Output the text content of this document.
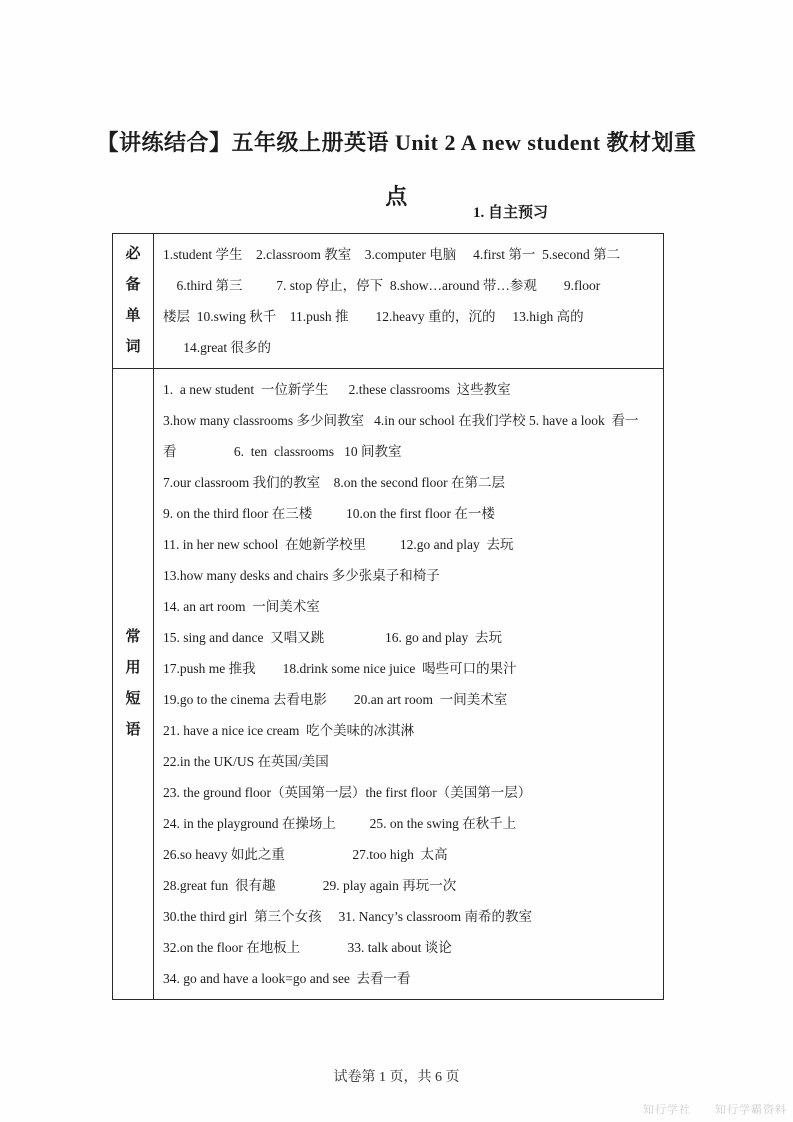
【讲练结合】五年级上册英语 Unit 2 A new student 教材划重
点
1. 自主预习
必
备
单
词

1.student 学生    2.classroom 教室    3.computer 电脑     4.first 第一  5.second 第二
6.third 第三          7. stop 停止，停下  8.show…around 带…参观        9.floor
楼层  10.swing 秋千    11.push 推        12.heavy 重的，沉的     13.high 高的
14.great 很多的

常
用
短
语

1.  a new student  一位新学生      2.these classrooms  这些教室
3.how many classrooms 多少间教室   4.in our school 在我们学校 5. have a look  看一
看                 6.  ten  classrooms   10 间教室
7.our classroom 我们的教室    8.on the second floor 在第二层
9. on the third floor 在三楼          10.on the first floor 在一楼
11. in her new school  在她新学校里          12.go and play  去玩
13.how many desks and chairs 多少张桌子和椅子
14. an art room  一间美术室
15. sing and dance  又唱又跳                  16. go and play  去玩
17.push me 推我        18.drink some nice juice  喝些可口的果汁
19.go to the cinema 去看电影        20.an art room  一间美术室
21. have a nice ice cream  吃个美味的冰淇淋
22.in the UK/US 在英国/美国
23. the ground floor（英国第一层）the first floor（美国第一层）
24. in the playground 在操场上          25. on the swing 在秋千上
26.so heavy 如此之重                    27.too high  太高
28.great fun  很有趣              29. play again 再玩一次
30.the third girl  第三个女孩     31. Nancy’s classroom 南希的教室
32.on the floor 在地板上              33. talk about 谈论
34. go and have a look=go and see  去看一看
试卷第 1 页，共 6 页
知行学社　　知行学霸资料
